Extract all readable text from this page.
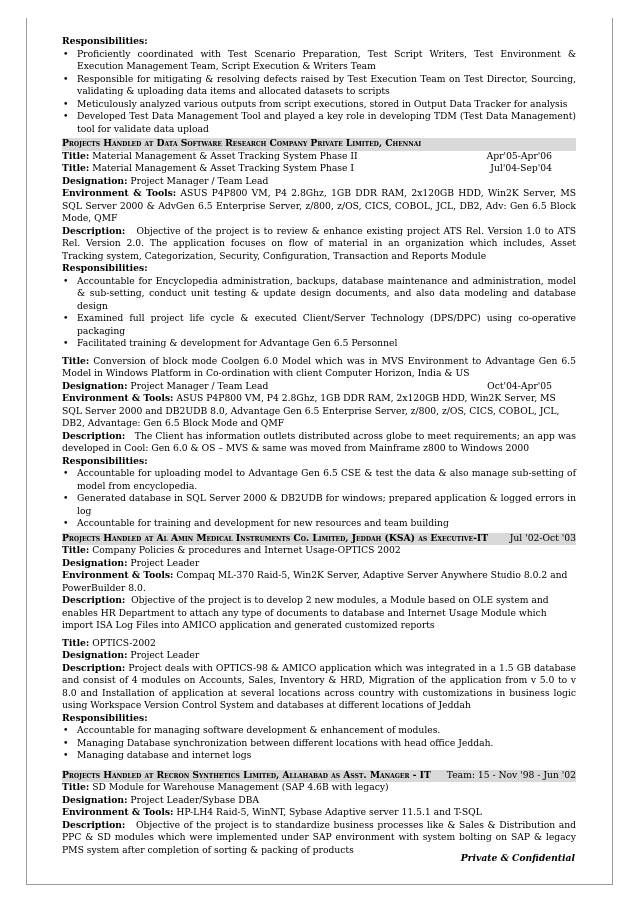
Responsibilities:

• Proficiently coordinated with Test Scenario Preparation, Test Script Writers, Test Environment & Execution Management Team, Script Execution & Writers Team
• Responsible for mitigating & resolving defects raised by Test Execution Team on Test Director, Sourcing, validating & uploading data items and allocated datasets to scripts
• Meticulously analyzed various outputs from script executions, stored in Output Data Tracker for analysis
• Developed Test Data Management Tool and played a key role in developing TDM (Test Data Management) tool for validate data upload
Projects Handled at Data Software Research Company Private Limited, Chennai

Title: Material Management & Asset Tracking System Phase II	Apr'05-Apr'06

Title: Material Management & Asset Tracking System Phase I	Jul'04-Sep'04

Designation: Project Manager / Team Lead

Environment & Tools: ASUS P4P800 VM, P4 2.8Ghz, 1GB DDR RAM, 2x120GB HDD, Win2K Server, MS SQL Server 2000 & AdvGen 6.5 Enterprise Server, z/800, z/OS, CICS, COBOL, JCL, DB2, Adv: Gen 6.5 Block Mode, QMF

Description: Objective of the project is to review & enhance existing project ATS Rel. Version 1.0 to ATS Rel. Version 2.0. The application focuses on flow of material in an organization which includes, Asset Tracking system, Categorization, Security, Configuration, Transaction and Reports Module

Responsibilities:

• Accountable for Encyclopedia administration, backups, database maintenance and administration, model & sub-setting, conduct unit testing & update design documents, and also data modeling and database design
• Examined full project life cycle & executed Client/Server Technology (DPS/DPC) using co-operative packaging
• Facilitated training & development for Advantage Gen 6.5 Personnel

Title: Conversion of block mode Coolgen 6.0 Model which was in MVS Environment to Advantage Gen 6.5 Model in Windows Platform in Co-ordination with client Computer Horizon, India & US

Designation: Project Manager / Team Lead	Oct'04-Apr'05

Environment & Tools: ASUS P4P800 VM, P4 2.8Ghz, 1GB DDR RAM, 2x120GB HDD, Win2K Server, MS SQL Server 2000 and DB2UDB 8.0, Advantage Gen 6.5 Enterprise Server, z/800, z/OS, CICS, COBOL, JCL, DB2, Advantage: Gen 6.5 Block Mode and QMF

Description: The Client has information outlets distributed across globe to meet requirements; an app was developed in Cool: Gen 6.0 & OS – MVS & same was moved from Mainframe z800 to Windows 2000

Responsibilities:

• Accountable for uploading model to Advantage Gen 6.5 CSE & test the data & also manage sub-setting of model from encyclopedia.
• Generated database in SQL Server 2000 & DB2UDB for windows; prepared application & logged errors in log
• Accountable for training and development for new resources and team building
Projects Handled at Al Amin Medical Instruments Co. Limited, Jeddah (KSA) as Executive-IT Jul '02-Oct '03

Title: Company Policies & procedures and Internet Usage-OPTICS 2002

Designation: Project Leader

Environment & Tools: Compaq ML-370 Raid-5, Win2K Server, Adaptive Server Anywhere Studio 8.0.2 and PowerBuilder 8.0.

Description: Objective of the project is to develop 2 new modules, a Module based on OLE system and enables HR Department to attach any type of documents to database and Internet Usage Module which import ISA Log Files into AMICO application and generated customized reports

Title: OPTICS-2002

Designation: Project Leader

Description: Project deals with OPTICS-98 & AMICO application which was integrated in a 1.5 GB database and consist of 4 modules on Accounts, Sales, Inventory & HRD, Migration of the application from v 5.0 to v 8.0 and Installation of application at several locations across country with customizations in business logic using Workspace Version Control System and databases at different locations of Jeddah

Responsibilities:

• Accountable for managing software development & enhancement of modules.
• Managing Database synchronization between different locations with head office Jeddah.
• Managing database and internet logs
Projects Handled at Recron Synthetics Limited, Allahabad as Asst. Manager - IT Team: 15 - Nov '98 - Jun '02

Title: SD Module for Warehouse Management (SAP 4.6B with legacy)

Designation: Project Leader/Sybase DBA

Environment & Tools: HP-LH4 Raid-5, WinNT, Sybase Adaptive server 11.5.1 and T-SQL

Description: Objective of the project is to standardize business processes like & Sales & Distribution and PPC & SD modules which were implemented under SAP environment with system bolting on SAP & legacy PMS system after completion of sorting & packing of products

Private & Confidential
